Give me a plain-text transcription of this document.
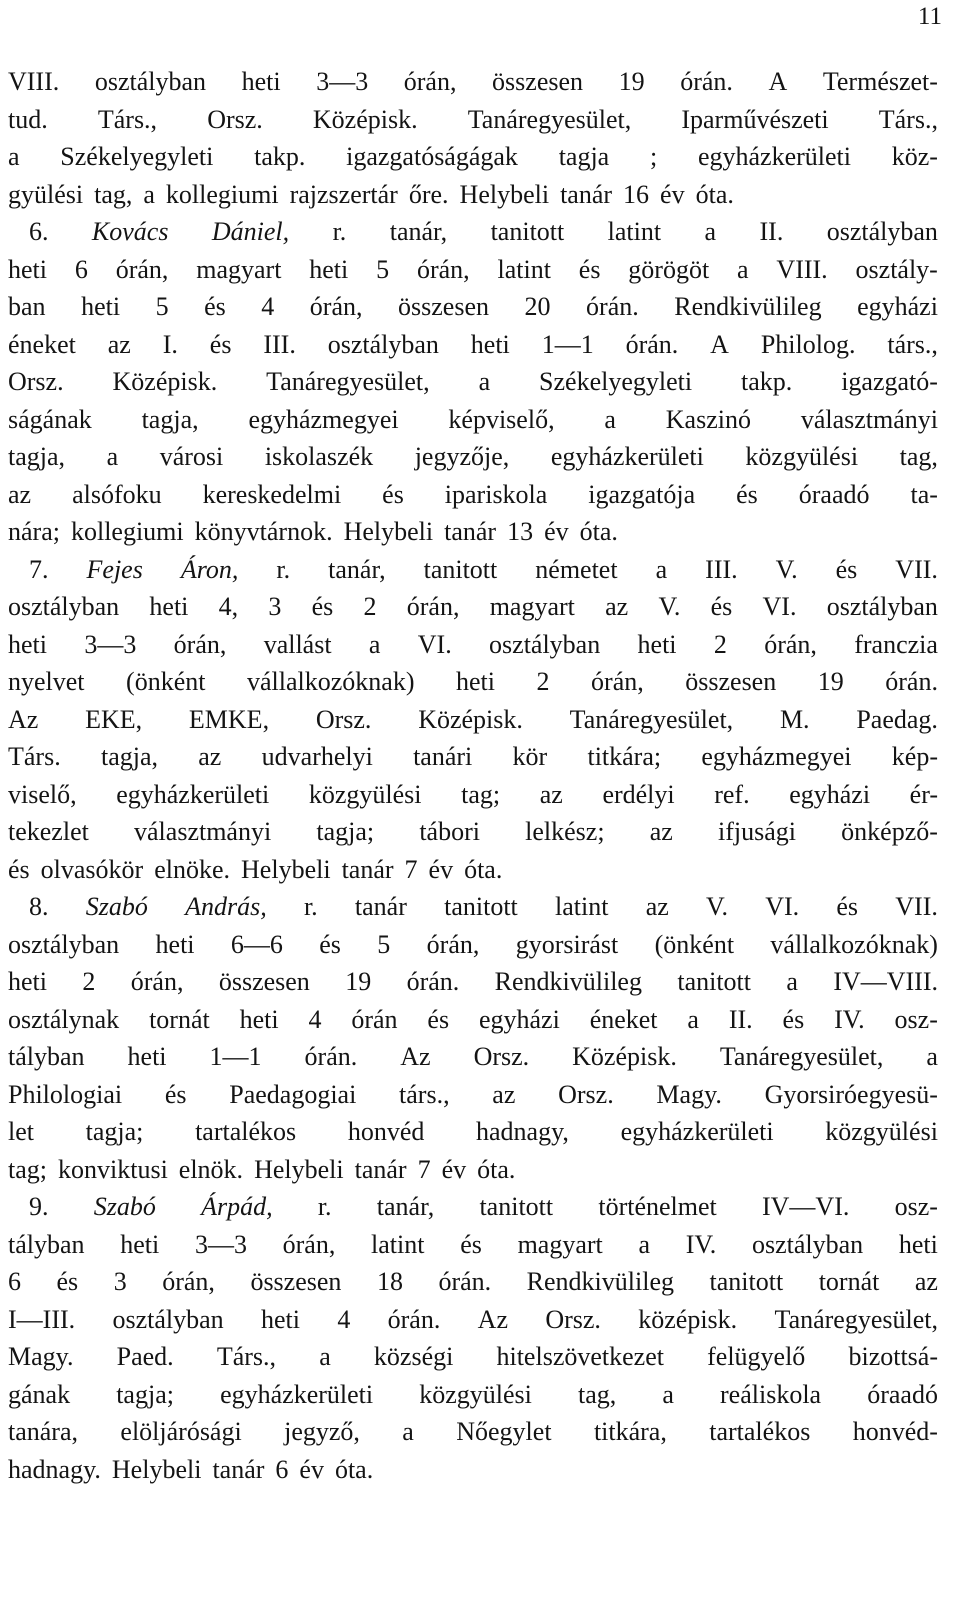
11
VIII. osztályban heti 3—3 órán, összesen 19 órán. A Természet-
tud. Társ., Orsz. Középisk. Tanáregyesület, Iparművészeti Társ.,
a Székelyegyleti takp. igazgatóságágak tagja ; egyházkerületi köz-
gyülési tag, a kollegiumi rajzszertár őre. Helybeli tanár 16 év óta.
6. Kovács Dániel, r. tanár, tanitott latint a II. osztályban
heti 6 órán, magyart heti 5 órán, latint és görögöt a VIII. osztály-
ban heti 5 és 4 órán, összesen 20 órán. Rendkivülileg egyházi
éneket az I. és III. osztályban heti 1—1 órán. A Philolog. társ.,
Orsz. Középisk. Tanáregyesület, a Székelyegyleti takp. igazgató-
ságának tagja, egyházmegyei képviselő, a Kaszinó választmányi
tagja, a városi iskolaszék jegyzője, egyházkerületi közgyülési tag,
az alsófoku kereskedelmi és ipariskola igazgatója és óraadó ta-
nára; kollegiumi könyvtárnok. Helybeli tanár 13 év óta.
7. Fejes Áron, r. tanár, tanitott németet a III. V. és VII.
osztályban heti 4, 3 és 2 órán, magyart az V. és VI. osztályban
heti 3—3 órán, vallást a VI. osztályban heti 2 órán, franczia
nyelvet (önként vállalkozóknak) heti 2 órán, összesen 19 órán.
Az EKE, EMKE, Orsz. Középisk. Tanáregyesület, M. Paedag.
Társ. tagja, az udvarhelyi tanári kör titkára; egyházmegyei kép-
viselő, egyházkerületi közgyülési tag; az erdélyi ref. egyházi ér-
tekezlet választmányi tagja; tábori lelkész; az ifjusági önképző-
és olvasókör elnöke. Helybeli tanár 7 év óta.
8. Szabó András, r. tanár tanitott latint az V. VI. és VII.
osztályban heti 6—6 és 5 órán, gyorsirást (önként vállalkozóknak)
heti 2 órán, összesen 19 órán. Rendkivülileg tanitott a IV—VIII.
osztálynak tornát heti 4 órán és egyházi éneket a II. és IV. osz-
tályban heti 1—1 órán. Az Orsz. Középisk. Tanáregyesület, a
Philologiai és Paedagogiai társ., az Orsz. Magy. Gyorsiróegyesü-
let tagja; tartalékos honvéd hadnagy, egyházkerületi közgyülési
tag; konviktusi elnök. Helybeli tanár 7 év óta.
9. Szabó Árpád, r. tanár, tanitott történelmet IV—VI. osz-
tályban heti 3—3 órán, latint és magyart a IV. osztályban heti
6 és 3 órán, összesen 18 órán. Rendkivülileg tanitott tornát az
I—III. osztályban heti 4 órán. Az Orsz. középisk. Tanáregyesület,
Magy. Paed. Társ., a községi hitelszövetkezet felügyelő bizottsá-
gának tagja; egyházkerületi közgyülési tag, a reáliskola óraadó
tanára, elöljárósági jegyző, a Nőegylet titkára, tartalékos honvéd-
hadnagy. Helybeli tanár 6 év óta.
